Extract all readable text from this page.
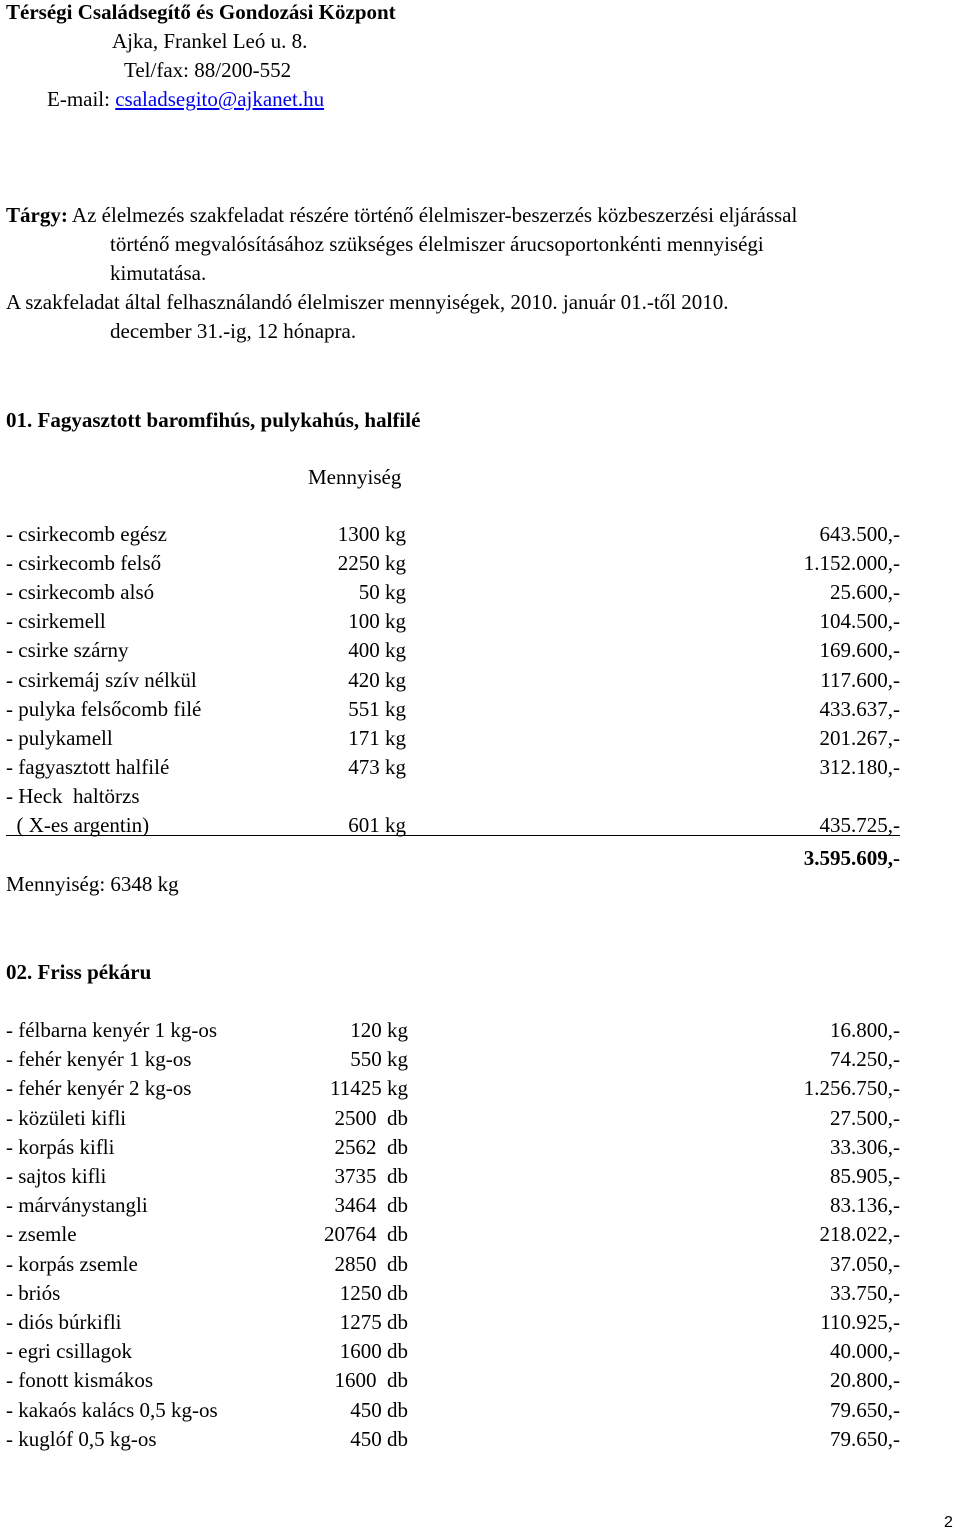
Térségi Családsegítő és Gondozási Központ
Ajka, Frankel Leó u. 8.
Tel/fax: 88/200-552
E-mail: csaladsegito@ajkanet.hu
Tárgy: Az élelmezés szakfeladat részére történő élelmiszer-beszerzés közbeszerzési eljárással
történő megvalósításához szükséges élelmiszer árucsoportonkénti mennyiségi
kimutatása.
A szakfeladat által felhasználandó élelmiszer mennyiségek, 2010. január 01.-től 2010.
december 31.-ig, 12 hónapra.
01. Fagyasztott baromfihús, pulykahús, halfilé
Mennyiség
- csirkecomb egész	1300 kg	643.500,-
- csirkecomb felső	2250 kg	1.152.000,-
- csirkecomb alsó	50 kg	25.600,-
- csirkemell	100 kg	104.500,-
- csirke szárny	400 kg	169.600,-
- csirkemáj szív nélkül	420 kg	117.600,-
- pulyka felsőcomb filé	551 kg	433.637,-
- pulykamell	171 kg	201.267,-
- fagyasztott halfilé	473 kg	312.180,-
- Heck  haltörzs
( X-es argentin)	601 kg	435.725,-
3.595.609,-
Mennyiség: 6348 kg
02. Friss pékáru
- félbarna kenyér 1 kg-os	120 kg	16.800,-
- fehér kenyér 1 kg-os	550 kg	74.250,-
- fehér kenyér 2 kg-os	11425 kg	1.256.750,-
- közületi kifli	2500  db	27.500,-
- korpás kifli	2562  db	33.306,-
- sajtos kifli	3735  db	85.905,-
- márványstangli	3464  db	83.136,-
- zsemle	20764  db	218.022,-
- korpás zsemle	2850  db	37.050,-
- briós	1250 db	33.750,-
- diós búrkifli	1275 db	110.925,-
- egri csillagok	1600 db	40.000,-
- fonott kismákos	1600  db	20.800,-
- kakaós kalács 0,5 kg-os	450 db	79.650,-
- kuglóf 0,5 kg-os	450 db	79.650,-
2
